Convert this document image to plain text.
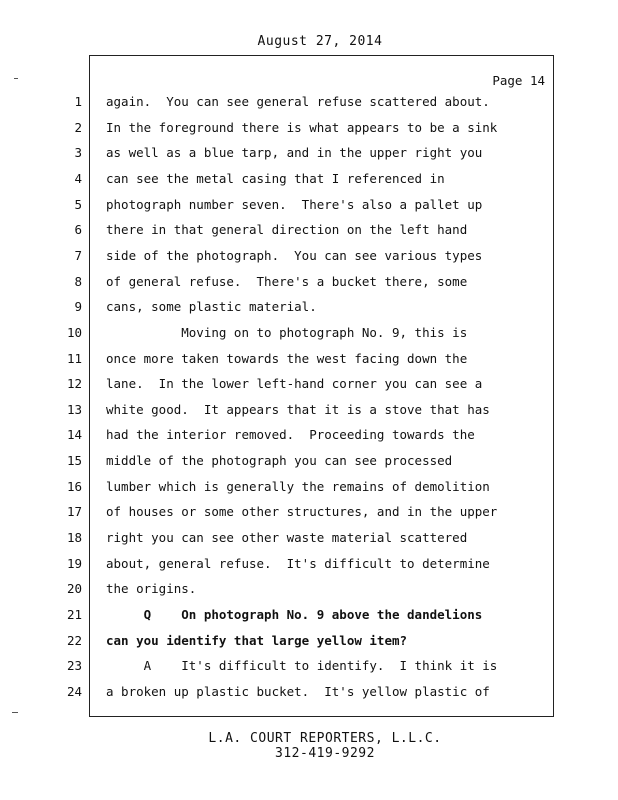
August 27, 2014
Page 14
1 again.  You can see general refuse scattered about.
2 In the foreground there is what appears to be a sink
3 as well as a blue tarp, and in the upper right you
4 can see the metal casing that I referenced in
5 photograph number seven.  There's also a pallet up
6 there in that general direction on the left hand
7 side of the photograph.  You can see various types
8 of general refuse.  There's a bucket there, some
9 cans, some plastic material.
10 Moving on to photograph No. 9, this is
11 once more taken towards the west facing down the
12 lane.  In the lower left-hand corner you can see a
13 white good.  It appears that it is a stove that has
14 had the interior removed.  Proceeding towards the
15 middle of the photograph you can see processed
16 lumber which is generally the remains of demolition
17 of houses or some other structures, and in the upper
18 right you can see other waste material scattered
19 about, general refuse.  It's difficult to determine
20 the origins.
21 Q    On photograph No. 9 above the dandelions
22 can you identify that large yellow item?
23 A    It's difficult to identify.  I think it is
24 a broken up plastic bucket.  It's yellow plastic of
L.A. COURT REPORTERS, L.L.C.
312-419-9292
